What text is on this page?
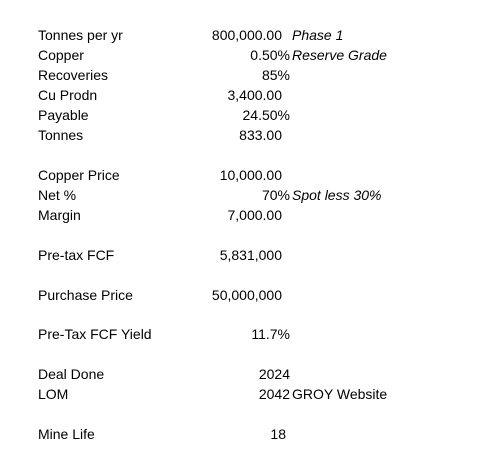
Tonnes per yr	800,000.00 Phase 1
Copper	0.50% Reserve Grade
Recoveries	85%
Cu Prodn	3,400.00
Payable	24.50%
Tonnes	833.00
Copper Price	10,000.00
Net %	70% Spot less 30%
Margin	7,000.00
Pre-tax FCF	5,831,000
Purchase Price	50,000,000
Pre-Tax FCF Yield	11.7%
Deal Done	2024
LOM	2042 GROY Website
Mine Life	18
